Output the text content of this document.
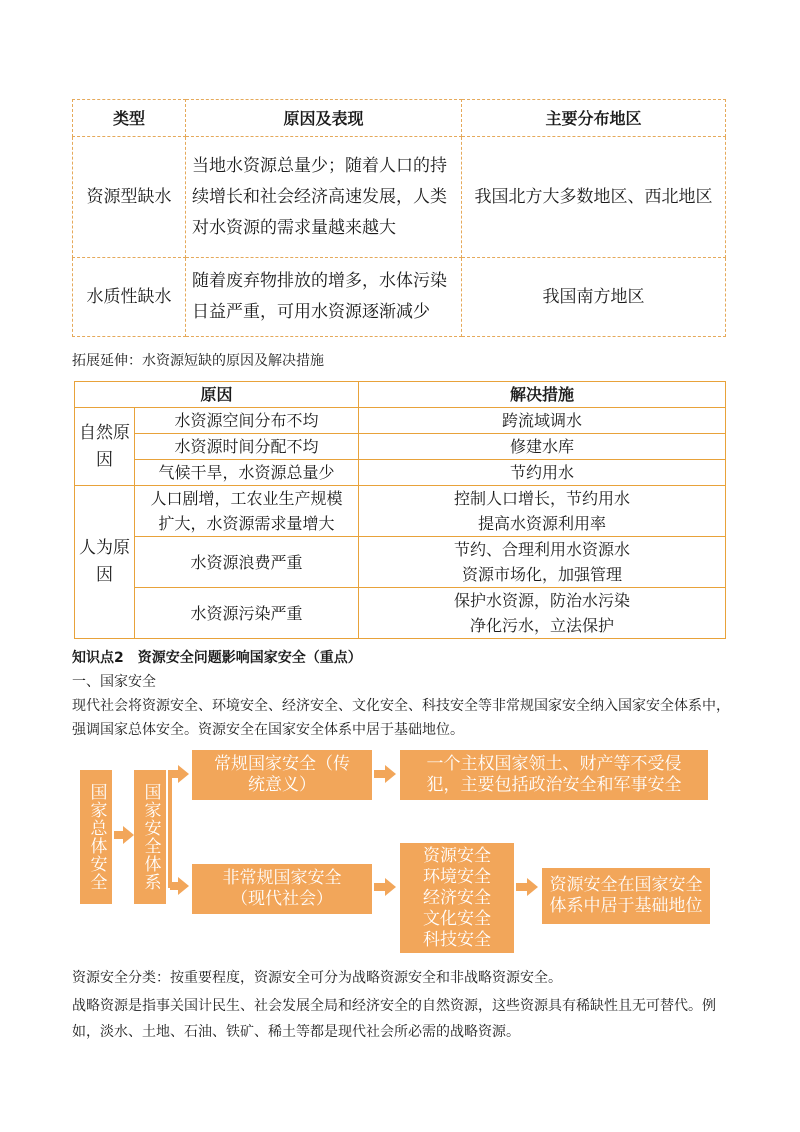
类型	原因及表现	主要分布地区
资源型缺水	当地水资源总量少；随着人口的持续增长和社会经济高速发展，人类对水资源的需求量越来越大	我国北方大多数地区、西北地区
水质性缺水	随着废弃物排放的增多，水体污染日益严重，可用水资源逐渐减少	我国南方地区
拓展延伸：水资源短缺的原因及解决措施
原因		解决措施
自然原因	水资源空间分布不均	跨流域调水
	水资源时间分配不均	修建水库
	气候干旱，水资源总量少	节约用水
人为原因	人口剧增，工农业生产规模扩大，水资源需求量增大	控制人口增长，节约用水提高水资源利用率
	水资源浪费严重	节约、合理利用水资源水资源市场化，加强管理
	水资源污染严重	保护水资源，防治水污染净化污水，立法保护
知识点2　资源安全问题影响国家安全（重点）
一、国家安全
现代社会将资源安全、环境安全、经济安全、文化安全、科技安全等非常规国家安全纳入国家安全体系中，强调国家总体安全。资源安全在国家安全体系中居于基础地位。
国家总体安全	国家安全体系
常规国家安全（传统意义）
一个主权国家领土、财产等不受侵犯，主要包括政治安全和军事安全
非常规国家安全（现代社会）
资源安全
环境安全
经济安全
文化安全
科技安全
资源安全在国家安全体系中居于基础地位
资源安全分类：按重要程度，资源安全可分为战略资源安全和非战略资源安全。
战略资源是指事关国计民生、社会发展全局和经济安全的自然资源，这些资源具有稀缺性且无可替代。例如，淡水、土地、石油、铁矿、稀土等都是现代社会所必需的战略资源。
